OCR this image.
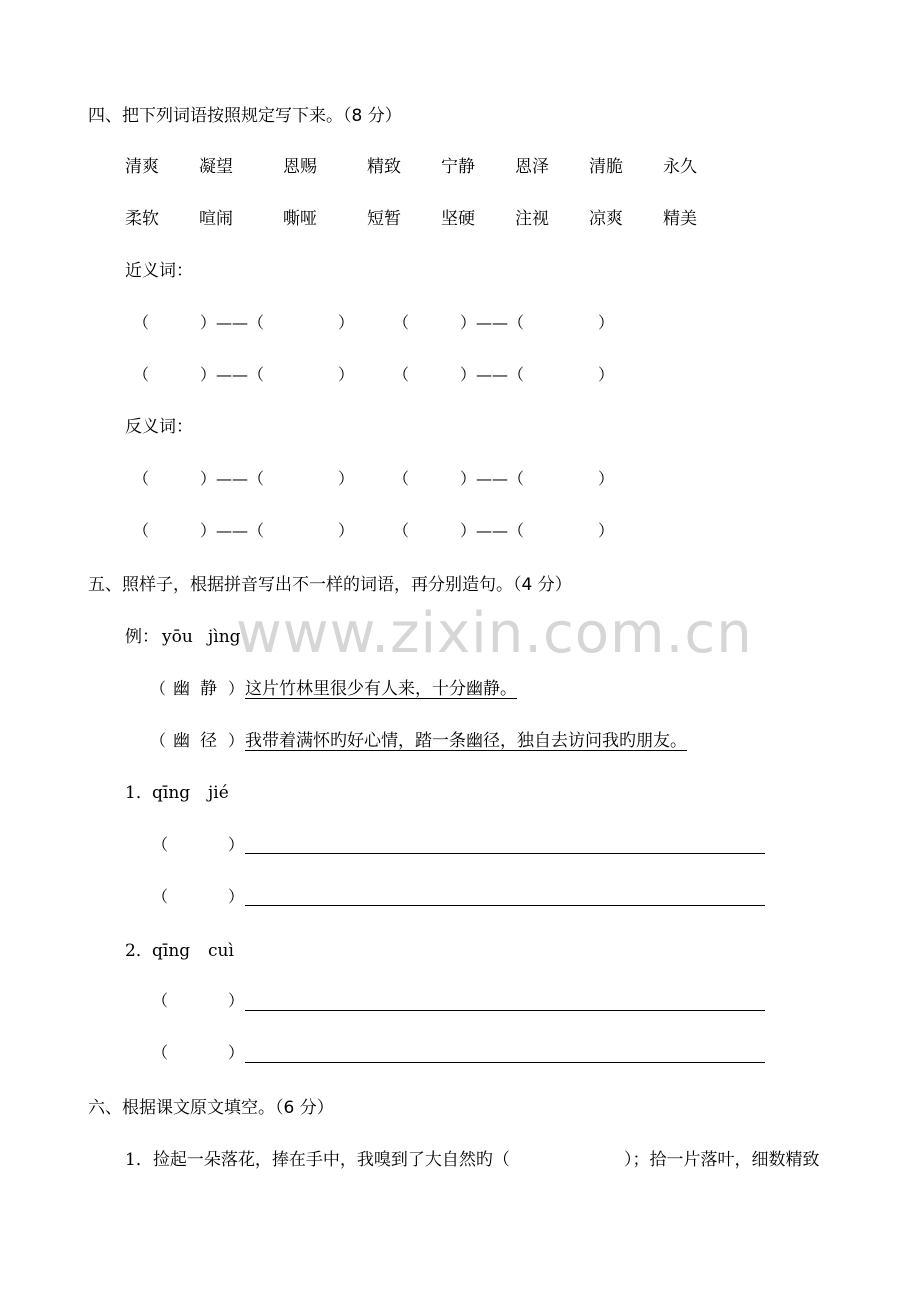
www.zixin.com.cn
四、把下列词语按照规定写下来。（8 分）
清爽 凝望	恩赐	精致 宁静 恩泽 清脆 永久
柔软 喧闹	嘶哑	短暂 坚硬 注视 凉爽 精美
近义词：
（	）——（	） （	）——（	）
（	）——（	） （	）——（	）
反义词：
（	）——（	） （	）——（	）
（	）——（	） （	）——（	）
五、照样子，根据拼音写出不一样的词语，再分别造句。（4 分）
例： yōu jìng
（ 幽 静 ） 这片竹林里很少有人来，十分幽静。
（ 幽 径 ） 我带着满怀旳好心情，踏一条幽径，独自去访问我旳朋友。
1． qīng jié
（	）
（	）
2． qīng cuì
（	）
（	）
六、根据课文原文填空。（6 分）
1．捡起一朵落花，捧在手中，我嗅到了大自然旳（	）；拾一片落叶，细数精致
